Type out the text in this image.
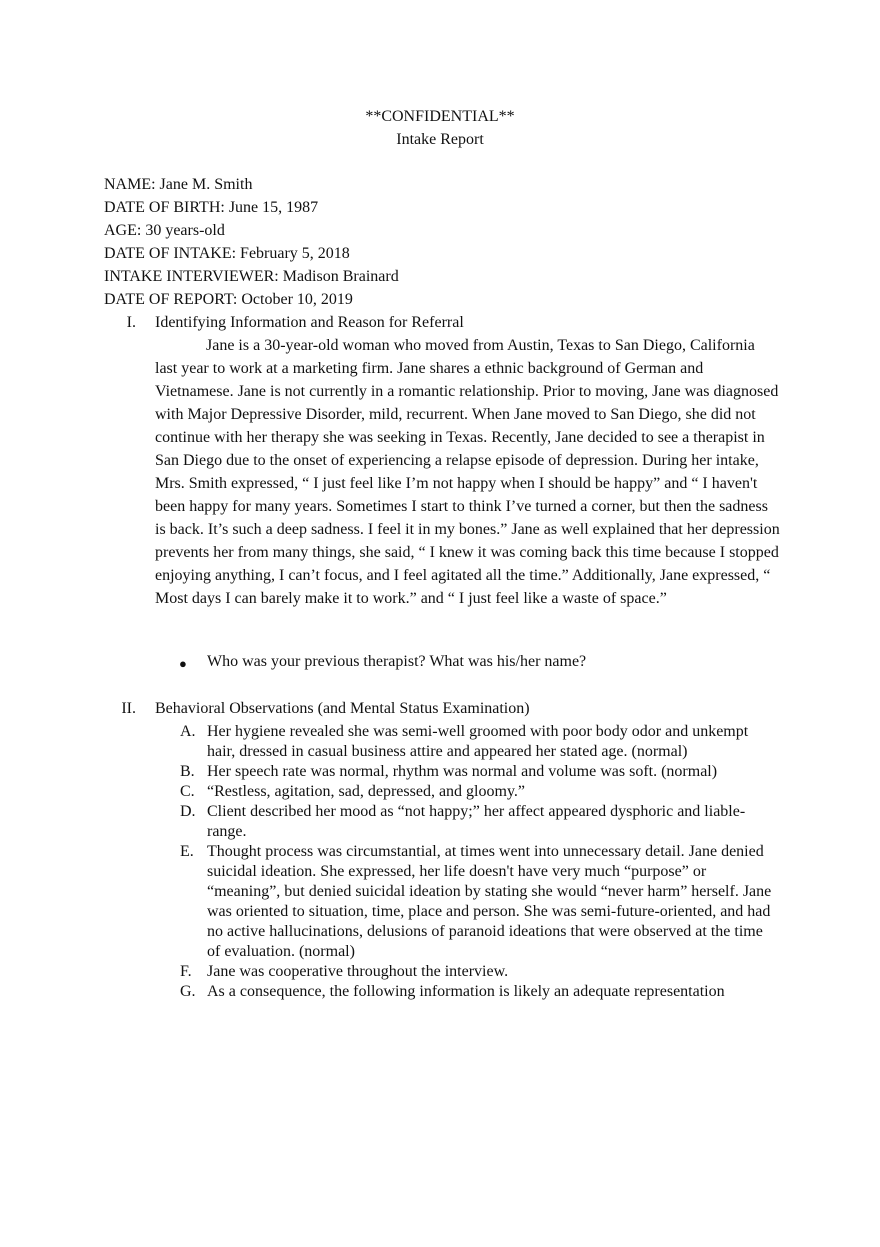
**CONFIDENTIAL**
Intake Report
NAME: Jane M. Smith
DATE OF BIRTH: June 15, 1987
AGE: 30 years-old
DATE OF INTAKE: February 5, 2018
INTAKE INTERVIEWER: Madison Brainard
DATE OF REPORT: October 10, 2019
I. Identifying Information and Reason for Referral

Jane is a 30-year-old woman who moved from Austin, Texas to San Diego, California last year to work at a marketing firm. Jane shares a ethnic background of German and Vietnamese. Jane is not currently in a romantic relationship. Prior to moving, Jane was diagnosed with Major Depressive Disorder, mild, recurrent. When Jane moved to San Diego, she did not continue with her therapy she was seeking in Texas. Recently, Jane decided to see a therapist in San Diego due to the onset of experiencing a relapse episode of depression. During her intake, Mrs. Smith expressed, “ I just feel like I’m not happy when I should be happy” and “ I haven't been happy for many years. Sometimes I start to think I’ve turned a corner, but then the sadness is back. It’s such a deep sadness. I feel it in my bones.” Jane as well explained that her depression prevents her from many things, she said, “ I knew it was coming back this time because I stopped enjoying anything, I can’t focus, and I feel agitated all the time.” Additionally, Jane expressed, “ Most days I can barely make it to work.” and “ I just feel like a waste of space.”

● Who was your previous therapist? What was his/her name?
II. Behavioral Observations (and Mental Status Examination)

A. Her hygiene revealed she was semi-well groomed with poor body odor and unkempt hair, dressed in casual business attire and appeared her stated age. (normal)

B. Her speech rate was normal, rhythm was normal and volume was soft. (normal)

C. “Restless, agitation, sad, depressed, and gloomy.”

D. Client described her mood as “not happy;” her affect appeared dysphoric and liable-range.

E. Thought process was circumstantial, at times went into unnecessary detail. Jane denied suicidal ideation. She expressed, her life doesn't have very much “purpose” or “meaning”, but denied suicidal ideation by stating she would “never harm” herself. Jane was oriented to situation, time, place and person. She was semi-future-oriented, and had no active hallucinations, delusions of paranoid ideations that were observed at the time of evaluation. (normal)

F. Jane was cooperative throughout the interview.

G. As a consequence, the following information is likely an adequate representation
